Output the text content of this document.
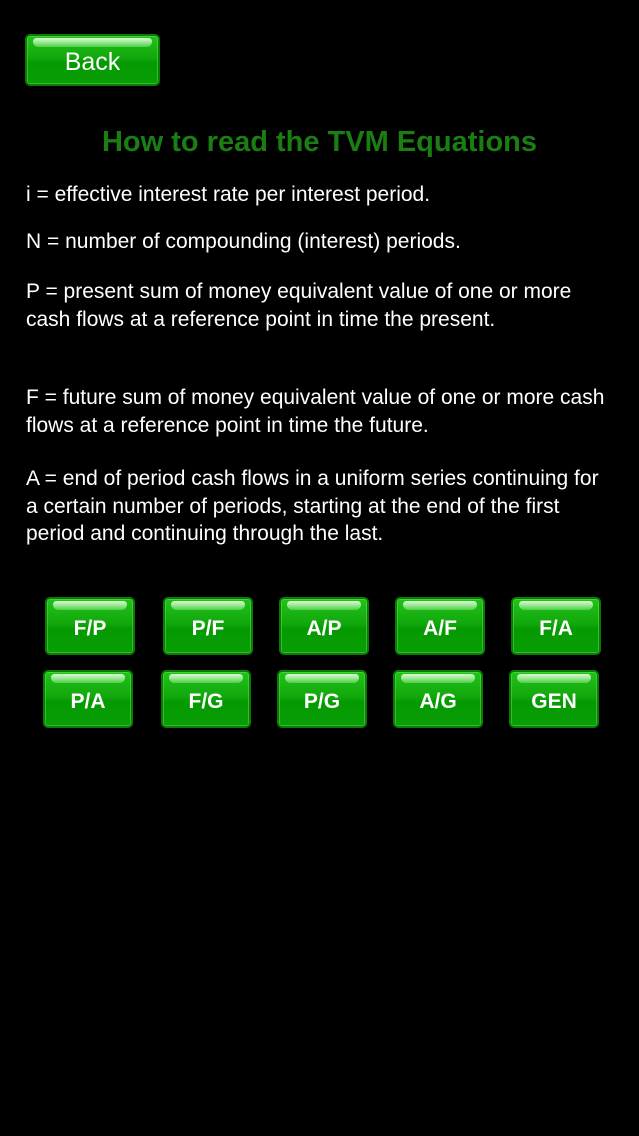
Back
How to read the TVM Equations

i = effective interest rate per interest period.

N = number of compounding (interest) periods.

P = present sum of money equivalent value of one or more cash flows at a reference point in time the present.

F = future sum of money equivalent value of one or more cash flows at a reference point in time the future.

A = end of period cash flows in a uniform series continuing for a certain number of periods, starting at the end of the first period and continuing through the last.

F/P	P/F	A/P	A/F	F/A
P/A	F/G	P/G	A/G	GEN
